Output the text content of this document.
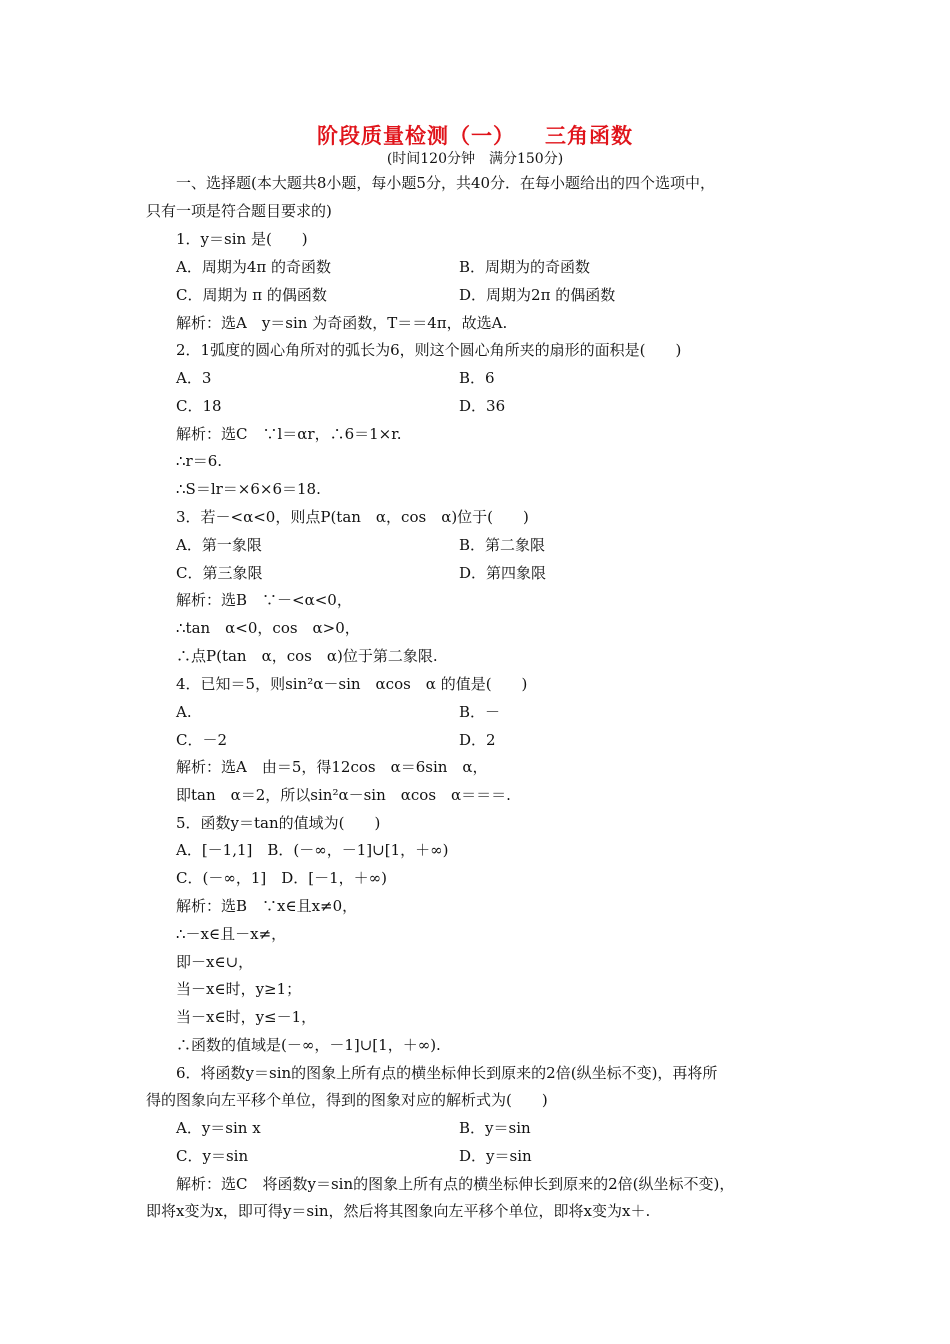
阶段质量检测（一） 三角函数
(时间120分钟　满分150分)
一、选择题(本大题共8小题，每小题5分，共40分．在每小题给出的四个选项中，
只有一项是符合题目要求的)
1．y＝sin 是(　　)
A．周期为4π 的奇函数	B．周期为的奇函数
C．周期为 π 的偶函数	D．周期为2π 的偶函数
解析：选A　y＝sin 为奇函数，T＝＝4π，故选A.
2．1弧度的圆心角所对的弧长为6，则这个圆心角所夹的扇形的面积是(　　)
A．3	B．6
C．18	D．36
解析：选C　∵l＝αr，∴6＝1×r.
∴r＝6.
∴S＝lr＝×6×6＝18.
3．若－<α<0，则点P(tan　α，cos　α)位于(　　)
A．第一象限	B．第二象限
C．第三象限	D．第四象限
解析：选B　∵－<α<0，
∴tan　α<0，cos　α>0，
∴点P(tan　α，cos　α)位于第二象限.
4．已知＝5，则sin²α－sin　αcos　α 的值是(　　)
A.	B．－
C．－2	D．2
解析：选A　由＝5，得12cos　α＝6sin　α，
即tan　α＝2，所以sin²α－sin　αcos　α＝＝＝.
5．函数y＝tan的值域为(　　)
A．[－1,1]　B．(－∞，－1]∪[1，＋∞)
C．(－∞，1]　D．[－1，＋∞)
解析：选B　∵x∈且x≠0，
∴－x∈且－x≠，
即－x∈∪，
当－x∈时，y≥1；
当－x∈时，y≤－1，
∴函数的值域是(－∞，－1]∪[1，＋∞).
6．将函数y＝sin的图象上所有点的横坐标伸长到原来的2倍(纵坐标不变)，再将所
得的图象向左平移个单位，得到的图象对应的解析式为(　　)
A．y＝sin x	B．y＝sin
C．y＝sin	D．y＝sin
解析：选C　将函数y＝sin的图象上所有点的横坐标伸长到原来的2倍(纵坐标不变)，
即将x变为x，即可得y＝sin，然后将其图象向左平移个单位，即将x变为x＋.
